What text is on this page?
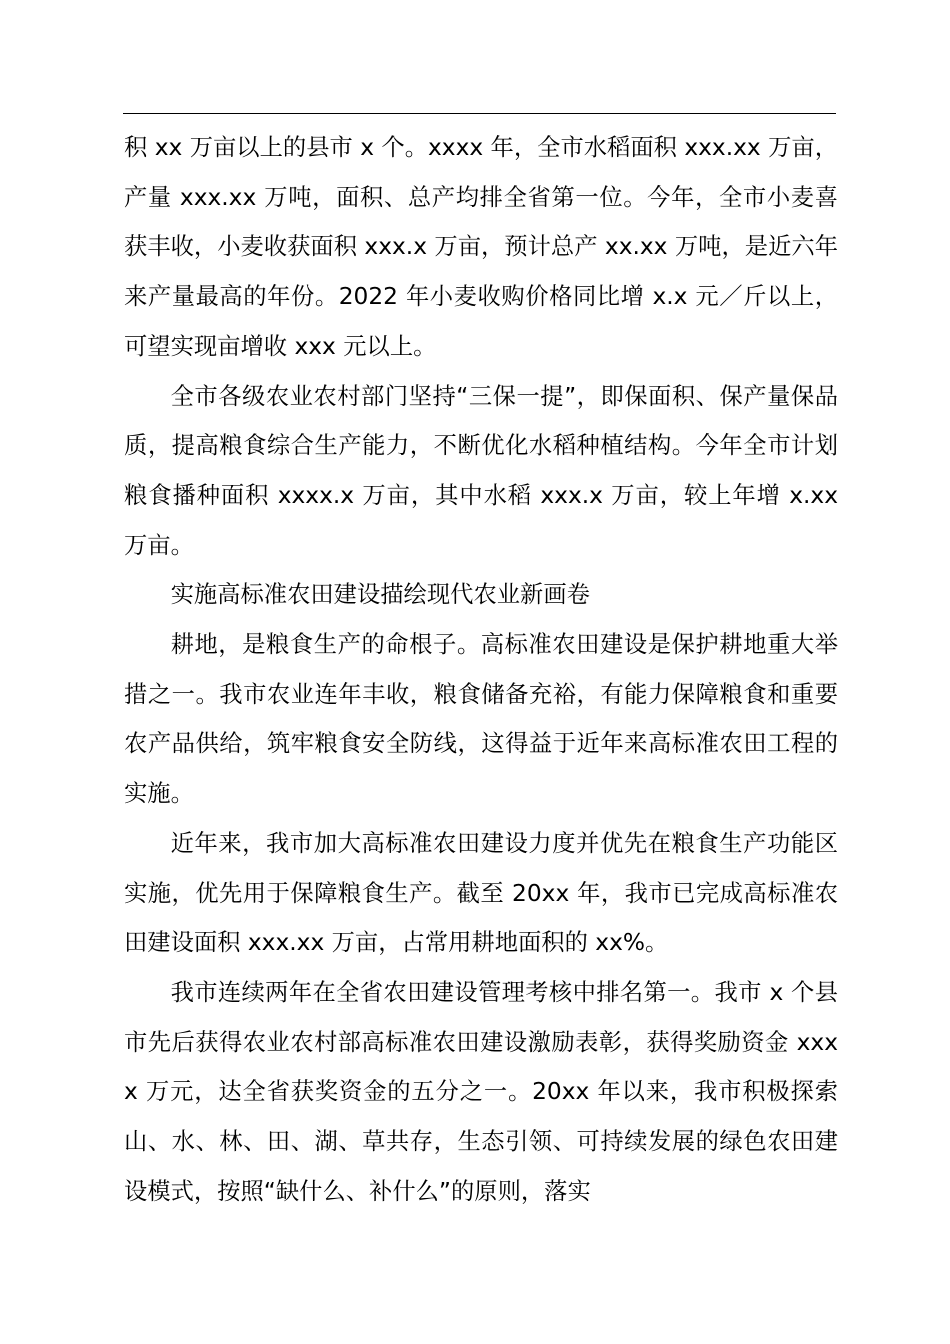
积 xx 万亩以上的县市 x 个。xxxx 年，全市水稻面积 xxx.xx 万亩，产量 xxx.xx 万吨，面积、总产均排全省第一位。今年，全市小麦喜获丰收，小麦收获面积 xxx.x 万亩，预计总产 xx.xx 万吨，是近六年来产量最高的年份。2022 年小麦收购价格同比增 x.x 元／斤以上，可望实现亩增收 xxx 元以上。

全市各级农业农村部门坚持“三保一提”，即保面积、保产量保品质，提高粮食综合生产能力，不断优化水稻种植结构。今年全市计划粮食播种面积 xxxx.x 万亩，其中水稻 xxx.x 万亩，较上年增 x.xx 万亩。

实施高标准农田建设描绘现代农业新画卷

耕地，是粮食生产的命根子。高标准农田建设是保护耕地重大举措之一。我市农业连年丰收，粮食储备充裕，有能力保障粮食和重要农产品供给，筑牢粮食安全防线，这得益于近年来高标准农田工程的实施。

近年来，我市加大高标准农田建设力度并优先在粮食生产功能区实施，优先用于保障粮食生产。截至 20xx 年，我市已完成高标准农田建设面积 xxx.xx 万亩，占常用耕地面积的 xx%。

我市连续两年在全省农田建设管理考核中排名第一。我市 x 个县市先后获得农业农村部高标准农田建设激励表彰，获得奖励资金 xxxx 万元，达全省获奖资金的五分之一。20xx 年以来，我市积极探索山、水、林、田、湖、草共存，生态引领、可持续发展的绿色农田建设模式，按照“缺什么、补什么”的原则，落实
